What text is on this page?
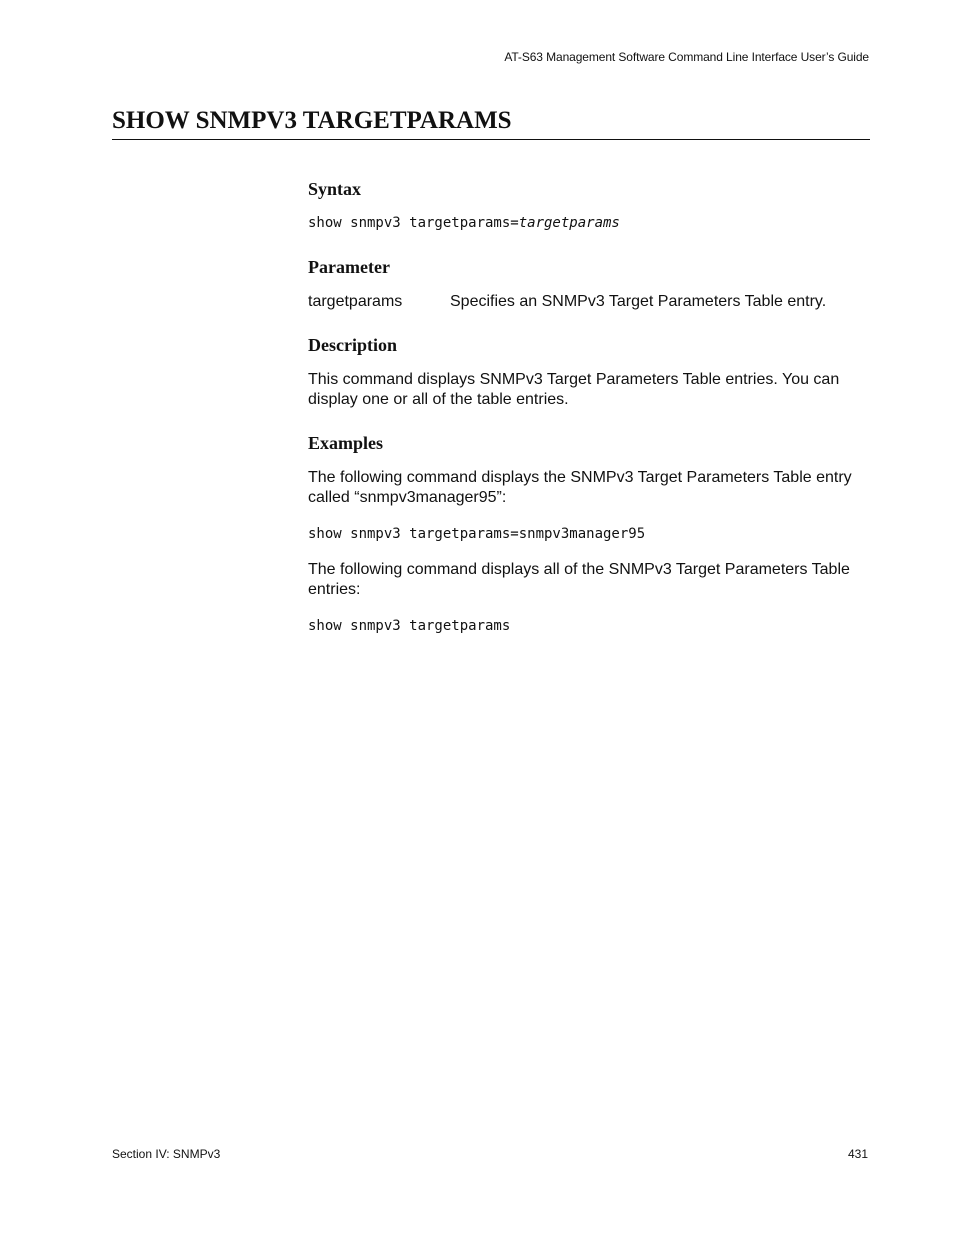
AT-S63 Management Software Command Line Interface User’s Guide
SHOW SNMPV3 TARGETPARAMS
Syntax
show snmpv3 targetparams=targetparams
Parameter
targetparams	Specifies an SNMPv3 Target Parameters Table entry.
Description

This command displays SNMPv3 Target Parameters Table entries. You can display one or all of the table entries.

Examples

The following command displays the SNMPv3 Target Parameters Table entry called “snmpv3manager95”:

show snmpv3 targetparams=snmpv3manager95

The following command displays all of the SNMPv3 Target Parameters Table entries:

show snmpv3 targetparams
Section IV: SNMPv3	431
